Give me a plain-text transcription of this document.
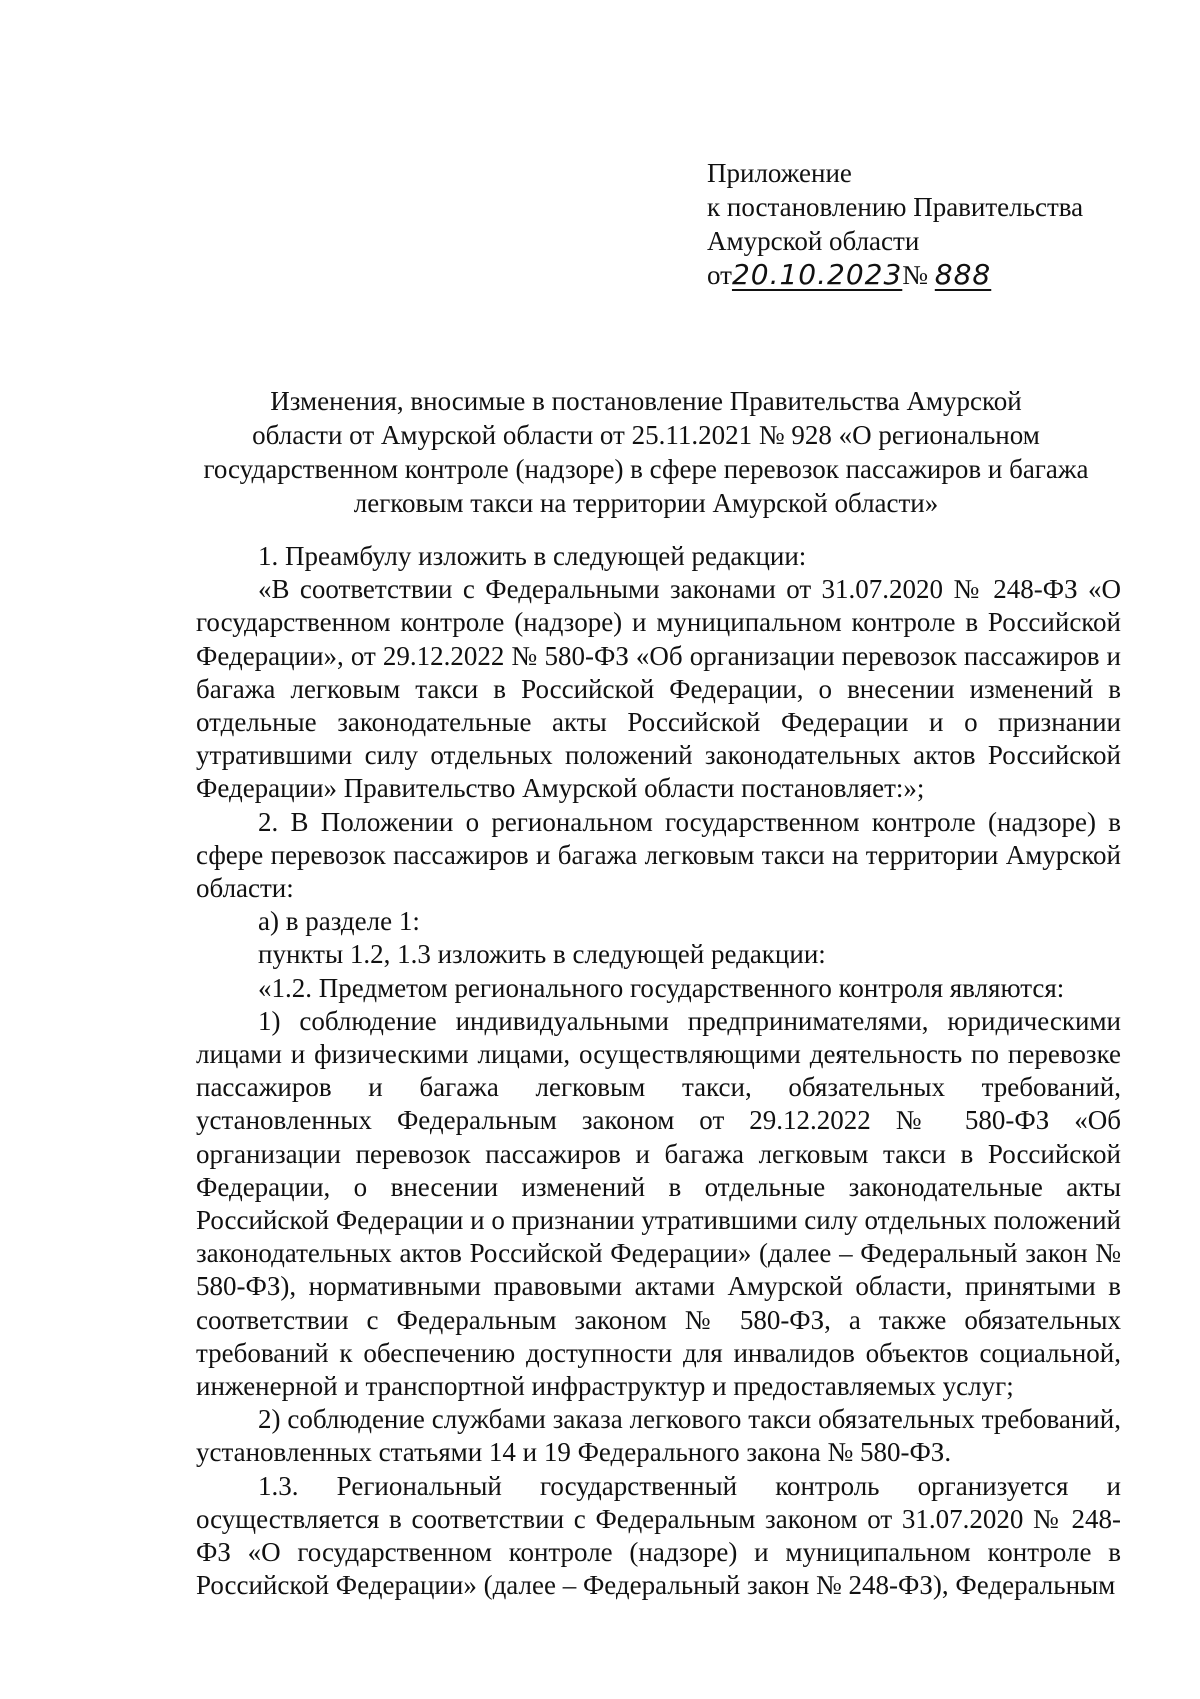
Приложение
к постановлению Правительства
Амурской области
от20.10.2023№ 888
Изменения, вносимые в постановление Правительства Амурской
области от Амурской области от 25.11.2021 № 928 «О региональном
государственном контроле (надзоре) в сфере перевозок пассажиров и багажа
легковым такси на территории Амурской области»

1. Преамбулу изложить в следующей редакции:

«В соответствии с Федеральными законами от 31.07.2020 № 248-ФЗ «О государственном контроле (надзоре) и муниципальном контроле в Российской Федерации», от 29.12.2022 № 580-ФЗ «Об организации перевозок пассажиров и багажа легковым такси в Российской Федерации, о внесении изменений в отдельные законодательные акты Российской Федерации и о признании утратившими силу отдельных положений законодательных актов Российской Федерации» Правительство Амурской области постановляет:»;

2. В Положении о региональном государственном контроле (надзоре) в сфере перевозок пассажиров и багажа легковым такси на территории Амурской области:

а) в разделе 1:

пункты 1.2, 1.3 изложить в следующей редакции:

«1.2. Предметом регионального государственного контроля являются:

1) соблюдение индивидуальными предпринимателями, юридическими лицами и физическими лицами, осуществляющими деятельность по перевозке пассажиров и багажа легковым такси, обязательных требований, установленных Федеральным законом от 29.12.2022 № 580-ФЗ «Об организации перевозок пассажиров и багажа легковым такси в Российской Федерации, о внесении изменений в отдельные законодательные акты Российской Федерации и о признании утратившими силу отдельных положений законодательных актов Российской Федерации» (далее – Федеральный закон № 580-ФЗ), нормативными правовыми актами Амурской области, принятыми в соответствии с Федеральным законом № 580-ФЗ, а также обязательных требований к обеспечению доступности для инвалидов объектов социальной, инженерной и транспортной инфраструктур и предоставляемых услуг;

2) соблюдение службами заказа легкового такси обязательных требований, установленных статьями 14 и 19 Федерального закона № 580-ФЗ.

1.3. Региональный государственный контроль организуется и осуществляется в соответствии с Федеральным законом от 31.07.2020 № 248-ФЗ «О государственном контроле (надзоре) и муниципальном контроле в Российской Федерации» (далее – Федеральный закон № 248-ФЗ), Федеральным
